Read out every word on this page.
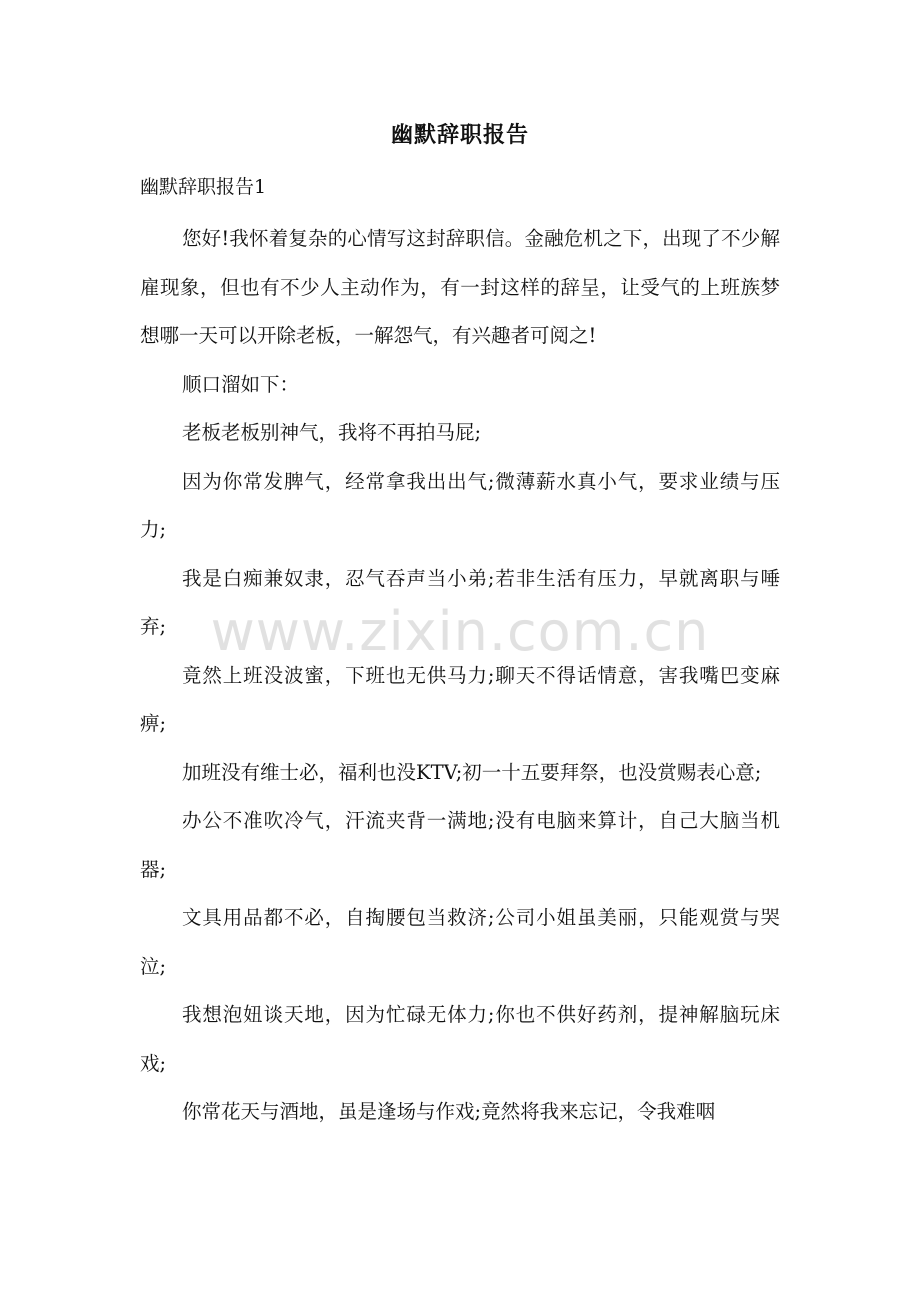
幽默辞职报告

幽默辞职报告1

您好!我怀着复杂的心情写这封辞职信。金融危机之下，出现了不少解雇现象，但也有不少人主动作为，有一封这样的辞呈，让受气的上班族梦想哪一天可以开除老板，一解怨气，有兴趣者可阅之!

顺口溜如下：

老板老板别神气，我将不再拍马屁;

因为你常发脾气，经常拿我出出气;微薄薪水真小气，要求业绩与压力;

我是白痴兼奴隶，忍气吞声当小弟;若非生活有压力，早就离职与唾弃;

竟然上班没波蜜，下班也无供马力;聊天不得话情意，害我嘴巴变麻痹;

加班没有维士必，福利也没KTV;初一十五要拜祭，也没赏赐表心意;

办公不准吹冷气，汗流夹背一满地;没有电脑来算计，自己大脑当机器;

文具用品都不必，自掏腰包当救济;公司小姐虽美丽，只能观赏与哭泣;

我想泡妞谈天地，因为忙碌无体力;你也不供好药剂，提神解脑玩床戏;

你常花天与酒地，虽是逢场与作戏;竟然将我来忘记，令我难咽

www.zixin.com.cn
